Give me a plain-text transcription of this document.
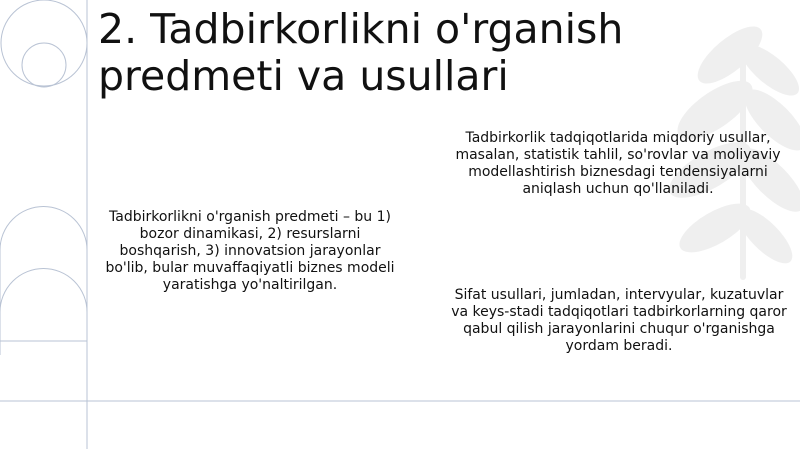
2. Tadbirkorlikni o'rganish
predmeti va usullari

Tadbirkorlikni o'rganish predmeti – bu 1) bozor dinamikasi, 2) resurslarni boshqarish, 3) innovatsion jarayonlar bo'lib, bular muvaffaqiyatli biznes modeli yaratishga yo'naltirilgan.

Tadbirkorlik tadqiqotlarida miqdoriy usullar, masalan, statistik tahlil, so'rovlar va moliyaviy modellashtirish biznesdagi tendensiyalarni aniqlash uchun qo'llaniladi.

Sifat usullari, jumladan, intervyular, kuzatuvlar va keys-stadi tadqiqotlari tadbirkorlarning qaror qabul qilish jarayonlarini chuqur o'rganishga yordam beradi.
